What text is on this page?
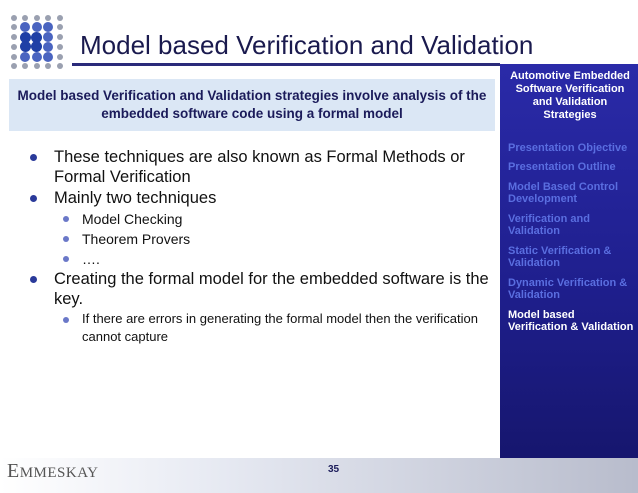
Model based Verification and Validation
Model based Verification and Validation strategies involve analysis of the embedded software code using a formal model
These techniques are also known as Formal Methods or Formal Verification
Mainly two techniques
Model Checking
Theorem Provers
….
Creating the formal model for the embedded software is the key.
If there are errors in generating the formal model then the verification cannot capture
Automotive Embedded Software Verification and Validation Strategies
Presentation Objective
Presentation Outline
Model Based Control Development
Verification and Validation
Static Verification & Validation
Dynamic Verification & Validation
Model based Verification & Validation
EMMESKAY	35
